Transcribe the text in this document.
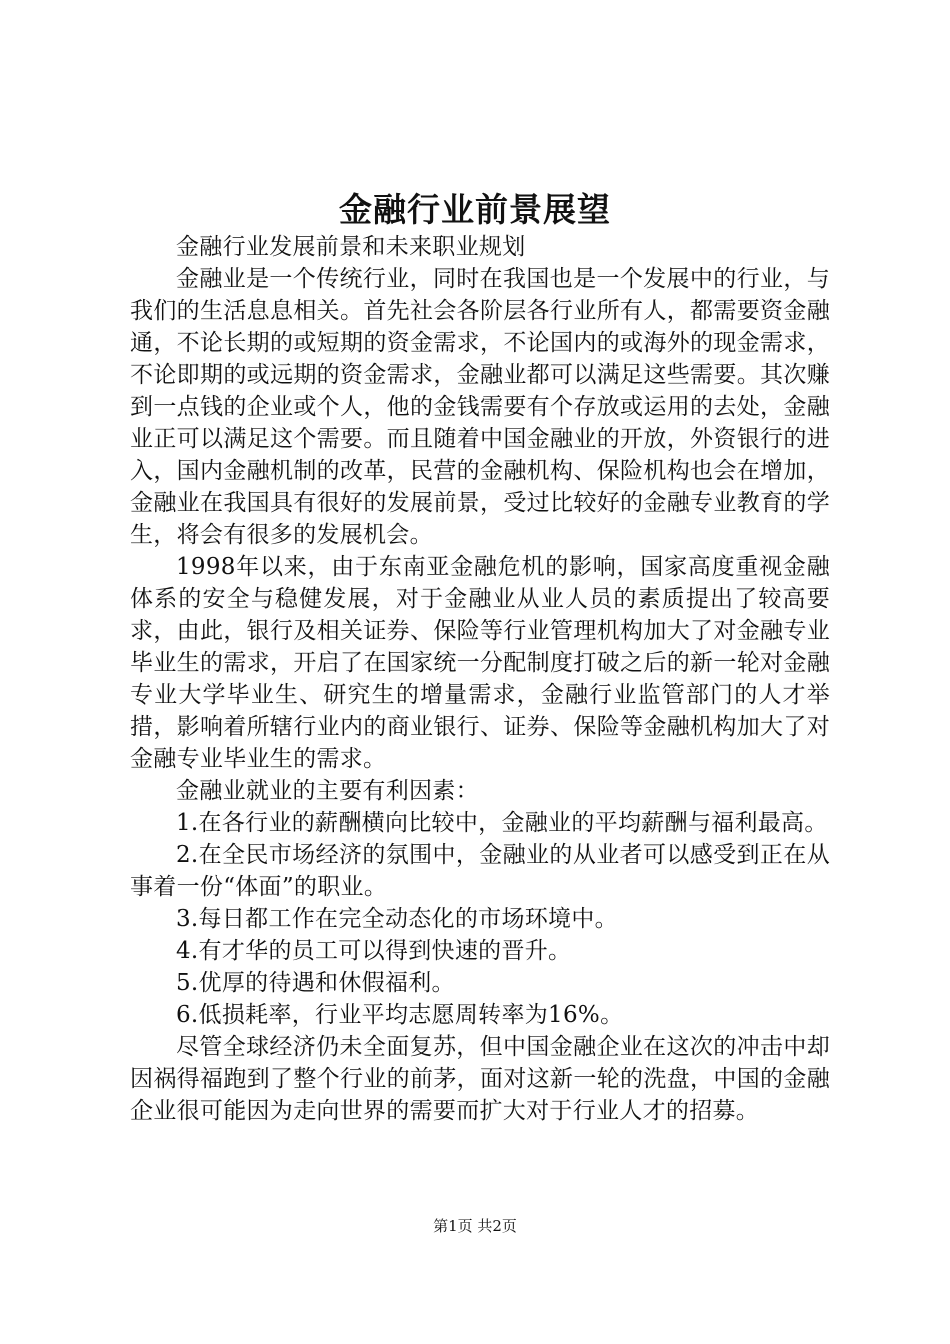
金融行业前景展望

金融行业发展前景和未来职业规划

金融业是一个传统行业，同时在我国也是一个发展中的行业，与我们的生活息息相关。首先社会各阶层各行业所有人，都需要资金融通，不论长期的或短期的资金需求，不论国内的或海外的现金需求，不论即期的或远期的资金需求，金融业都可以满足这些需要。其次赚到一点钱的企业或个人，他的金钱需要有个存放或运用的去处，金融业正可以满足这个需要。而且随着中国金融业的开放，外资银行的进入，国内金融机制的改革，民营的金融机构、保险机构也会在增加，金融业在我国具有很好的发展前景，受过比较好的金融专业教育的学生，将会有很多的发展机会。

1998年以来，由于东南亚金融危机的影响，国家高度重视金融体系的安全与稳健发展，对于金融业从业人员的素质提出了较高要求，由此，银行及相关证券、保险等行业管理机构加大了对金融专业毕业生的需求，开启了在国家统一分配制度打破之后的新一轮对金融专业大学毕业生、研究生的增量需求，金融行业监管部门的人才举措，影响着所辖行业内的商业银行、证券、保险等金融机构加大了对金融专业毕业生的需求。

金融业就业的主要有利因素：

1.在各行业的薪酬横向比较中，金融业的平均薪酬与福利最高。

2.在全民市场经济的氛围中，金融业的从业者可以感受到正在从事着一份“体面”的职业。

3.每日都工作在完全动态化的市场环境中。

4.有才华的员工可以得到快速的晋升。

5.优厚的待遇和休假福利。

6.低损耗率，行业平均志愿周转率为16%。

尽管全球经济仍未全面复苏，但中国金融企业在这次的冲击中却因祸得福跑到了整个行业的前茅，面对这新一轮的洗盘，中国的金融企业很可能因为走向世界的需要而扩大对于行业人才的招募。

第1页 共2页
